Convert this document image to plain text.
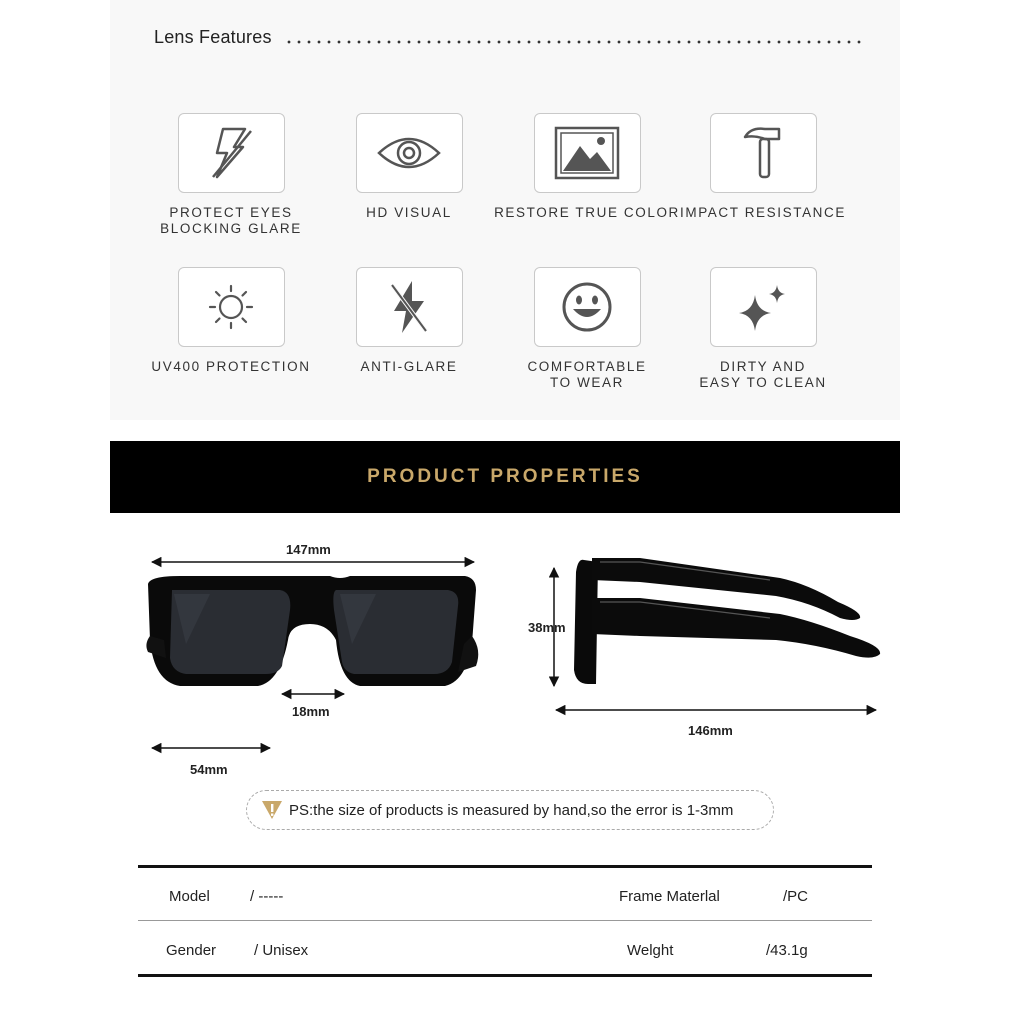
Lens Features
PROTECT EYES
BLOCKING GLARE
HD VISUAL	RESTORE TRUE COLOR IMPACT RESISTANCE
UV400 PROTECTION	ANTI-GLARE	COMFORTABLE
TO WEAR
DIRTY AND
EASY TO CLEAN
PRODUCT PROPERTIES
147mm
18mm
54mm
38mm
146mm
PS:the size of products is measured by hand,so the error is 1-3mm
Model	/ -----	Frame Materlal	/PC
Gender	/ Unisex	Welght	/43.1g
